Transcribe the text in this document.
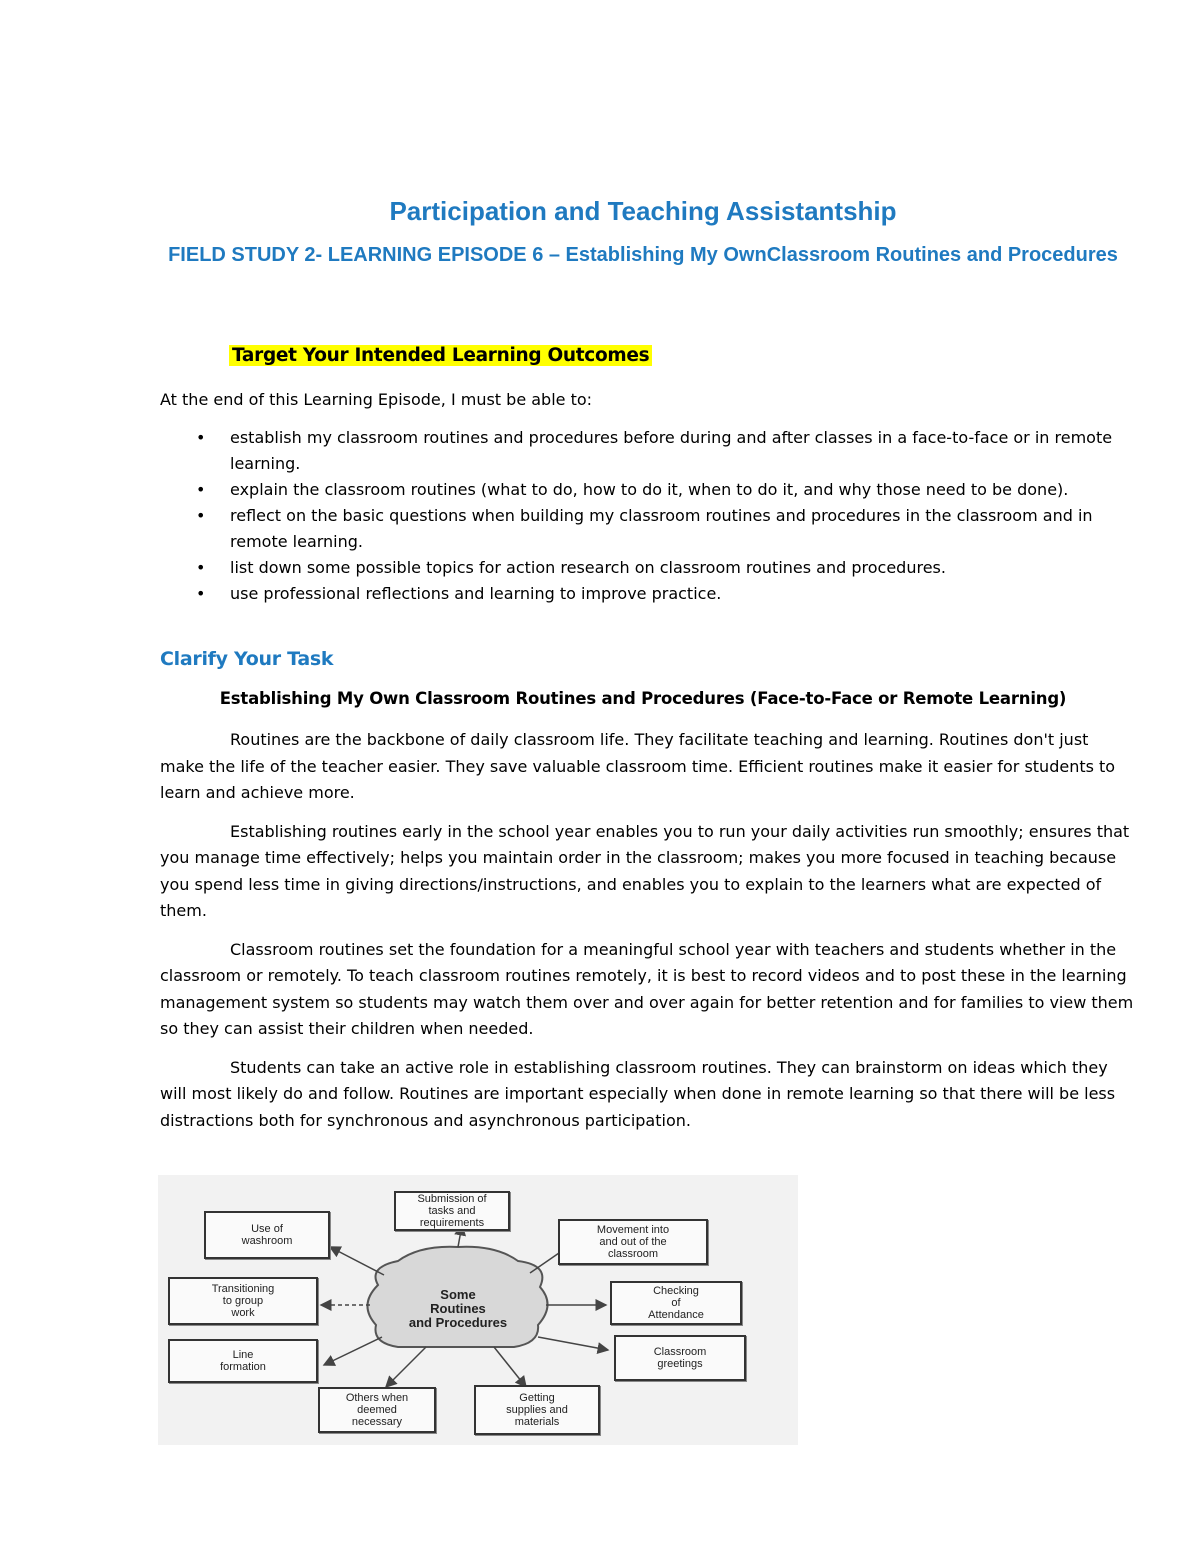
Participation and Teaching Assistantship
FIELD STUDY 2- LEARNING EPISODE 6 – Establishing My OwnClassroom Routines and Procedures
Target Your Intended Learning Outcomes
At the end of this Learning Episode, I must be able to:
• establish my classroom routines and procedures before during and after classes in a face-to-face or in remote learning.
• explain the classroom routines (what to do, how to do it, when to do it, and why those need to be done).
• reflect on the basic questions when building my classroom routines and procedures in the classroom and in remote learning.
• list down some possible topics for action research on classroom routines and procedures.
• use professional reflections and learning to improve practice.
Clarify Your Task
Establishing My Own Classroom Routines and Procedures (Face-to-Face or Remote Learning)

Routines are the backbone of daily classroom life. They facilitate teaching and learning. Routines don't just make the life of the teacher easier. They save valuable classroom time. Efficient routines make it easier for students to learn and achieve more.

Establishing routines early in the school year enables you to run your daily activities run smoothly; ensures that you manage time effectively; helps you maintain order in the classroom; makes you more focused in teaching because you spend less time in giving directions/instructions, and enables you to explain to the learners what are expected of them.

Classroom routines set the foundation for a meaningful school year with teachers and students whether in the classroom or remotely. To teach classroom routines remotely, it is best to record videos and to post these in the learning management system so students may watch them over and over again for better retention and for families to view them so they can assist their children when needed.

Students can take an active role in establishing classroom routines. They can brainstorm on ideas which they will most likely do and follow. Routines are important especially when done in remote learning so that there will be less distractions both for synchronous and asynchronous participation.

Some
Routines
and Procedures
Submission of
tasks and
requirements
Use of
washroom
Movement into
and out of the
classroom
Transitioning
to group
work
Checking
of
Attendance
Line
formation
Classroom
greetings
Others when
deemed
necessary
Getting
supplies and
materials
